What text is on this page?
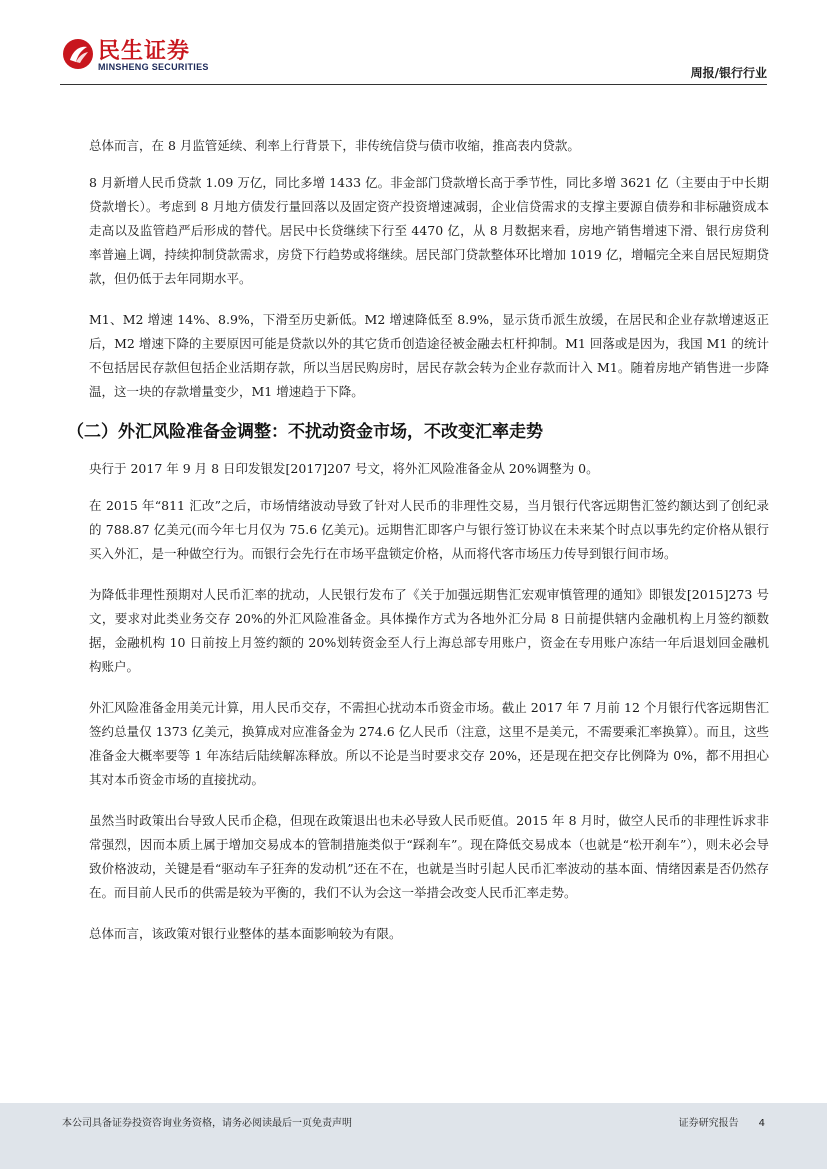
民生证券
MINSHENG SECURITIES	周报/银行行业

总体而言，在 8 月监管延续、利率上行背景下，非传统信贷与债市收缩，推高表内贷款。

8 月新增人民币贷款 1.09 万亿，同比多增 1433 亿。非金部门贷款增长高于季节性，同比多增 3621 亿（主要由于中长期贷款增长）。考虑到 8 月地方债发行量回落以及固定资产投资增速减弱，企业信贷需求的支撑主要源自债券和非标融资成本走高以及监管趋严后形成的替代。居民中长贷继续下行至 4470 亿，从 8 月数据来看，房地产销售增速下滑、银行房贷利率普遍上调，持续抑制贷款需求，房贷下行趋势或将继续。居民部门贷款整体环比增加 1019 亿，增幅完全来自居民短期贷款，但仍低于去年同期水平。

M1、M2 增速 14%、8.9%，下滑至历史新低。M2 增速降低至 8.9%，显示货币派生放缓，在居民和企业存款增速返正后，M2 增速下降的主要原因可能是贷款以外的其它货币创造途径被金融去杠杆抑制。M1 回落或是因为，我国 M1 的统计不包括居民存款但包括企业活期存款，所以当居民购房时，居民存款会转为企业存款而计入 M1。随着房地产销售进一步降温，这一块的存款增量变少，M1 增速趋于下降。

（二）外汇风险准备金调整：不扰动资金市场，不改变汇率走势

央行于 2017 年 9 月 8 日印发银发[2017]207 号文，将外汇风险准备金从 20%调整为 0。

在 2015 年“811 汇改”之后，市场情绪波动导致了针对人民币的非理性交易，当月银行代客远期售汇签约额达到了创纪录的 788.87 亿美元(而今年七月仅为 75.6 亿美元)。远期售汇即客户与银行签订协议在未来某个时点以事先约定价格从银行买入外汇，是一种做空行为。而银行会先行在市场平盘锁定价格，从而将代客市场压力传导到银行间市场。

为降低非理性预期对人民币汇率的扰动，人民银行发布了《关于加强远期售汇宏观审慎管理的通知》即银发[2015]273 号文，要求对此类业务交存 20%的外汇风险准备金。具体操作方式为各地外汇分局 8 日前提供辖内金融机构上月签约额数据，金融机构 10 日前按上月签约额的 20%划转资金至人行上海总部专用账户，资金在专用账户冻结一年后退划回金融机构账户。

外汇风险准备金用美元计算，用人民币交存，不需担心扰动本币资金市场。截止 2017 年 7 月前 12 个月银行代客远期售汇签约总量仅 1373 亿美元，换算成对应准备金为 274.6 亿人民币（注意，这里不是美元，不需要乘汇率换算）。而且，这些准备金大概率要等 1 年冻结后陆续解冻释放。所以不论是当时要求交存 20%，还是现在把交存比例降为 0%，都不用担心其对本币资金市场的直接扰动。

虽然当时政策出台导致人民币企稳，但现在政策退出也未必导致人民币贬值。2015 年 8 月时，做空人民币的非理性诉求非常强烈，因而本质上属于增加交易成本的管制措施类似于“踩刹车”。现在降低交易成本（也就是“松开刹车”），则未必会导致价格波动，关键是看“驱动车子狂奔的发动机”还在不在，也就是当时引起人民币汇率波动的基本面、情绪因素是否仍然存在。而目前人民币的供需是较为平衡的，我们不认为会这一举措会改变人民币汇率走势。

总体而言，该政策对银行业整体的基本面影响较为有限。

本公司具备证券投资咨询业务资格，请务必阅读最后一页免责声明	证券研究报告 4
